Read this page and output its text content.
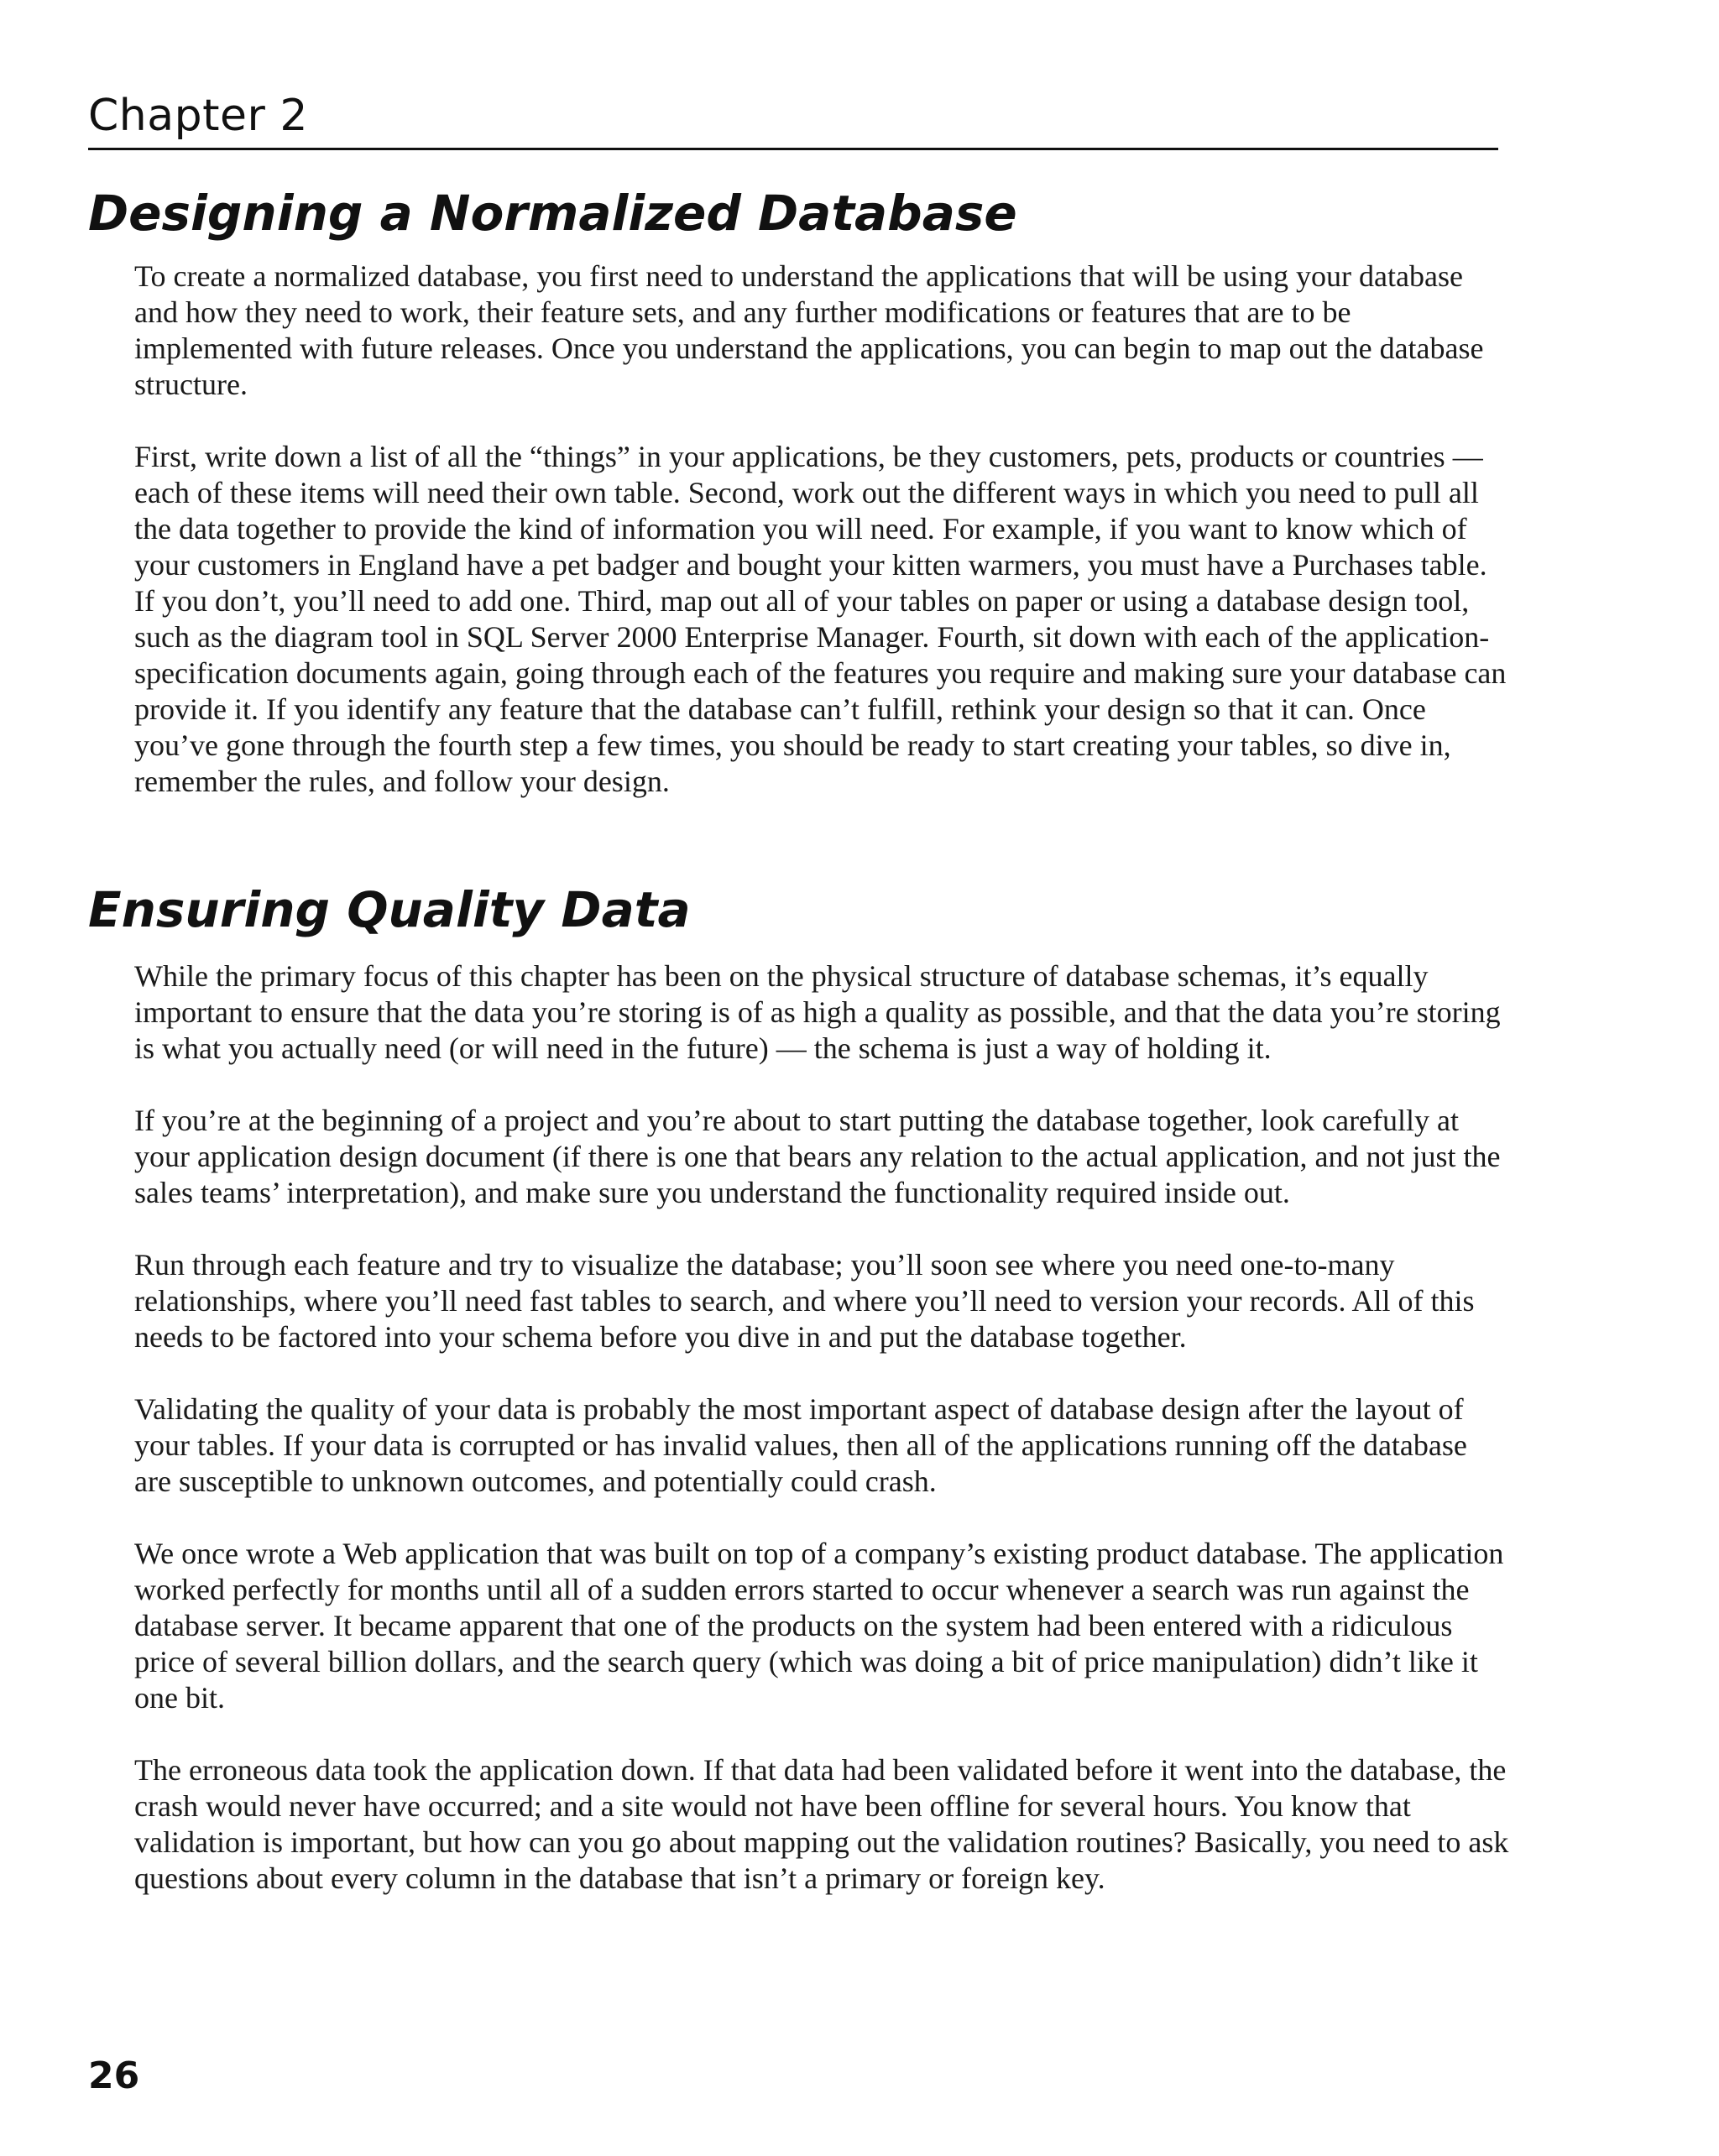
Chapter 2
Designing a Normalized Database

To create a normalized database, you first need to understand the applications that will be using your database and how they need to work, their feature sets, and any further modifications or features that are to be implemented with future releases. Once you understand the applications, you can begin to map out the database structure.

First, write down a list of all the “things” in your applications, be they customers, pets, products or countries — each of these items will need their own table. Second, work out the different ways in which you need to pull all the data together to provide the kind of information you will need. For example, if you want to know which of your customers in England have a pet badger and bought your kitten warmers, you must have a Purchases table. If you don’t, you’ll need to add one. Third, map out all of your tables on paper or using a database design tool, such as the diagram tool in SQL Server 2000 Enterprise Manager. Fourth, sit down with each of the application-specification documents again, going through each of the features you require and making sure your database can provide it. If you identify any feature that the database can’t fulfill, rethink your design so that it can. Once you’ve gone through the fourth step a few times, you should be ready to start creating your tables, so dive in, remember the rules, and follow your design.

Ensuring Quality Data

While the primary focus of this chapter has been on the physical structure of database schemas, it’s equally important to ensure that the data you’re storing is of as high a quality as possible, and that the data you’re storing is what you actually need (or will need in the future) — the schema is just a way of holding it.

If you’re at the beginning of a project and you’re about to start putting the database together, look carefully at your application design document (if there is one that bears any relation to the actual application, and not just the sales teams’ interpretation), and make sure you understand the functionality required inside out.

Run through each feature and try to visualize the database; you’ll soon see where you need one-to-many relationships, where you’ll need fast tables to search, and where you’ll need to version your records. All of this needs to be factored into your schema before you dive in and put the database together.

Validating the quality of your data is probably the most important aspect of database design after the layout of your tables. If your data is corrupted or has invalid values, then all of the applications running off the database are susceptible to unknown outcomes, and potentially could crash.

We once wrote a Web application that was built on top of a company’s existing product database. The application worked perfectly for months until all of a sudden errors started to occur whenever a search was run against the database server. It became apparent that one of the products on the system had been entered with a ridiculous price of several billion dollars, and the search query (which was doing a bit of price manipulation) didn’t like it one bit.

The erroneous data took the application down. If that data had been validated before it went into the database, the crash would never have occurred; and a site would not have been offline for several hours. You know that validation is important, but how can you go about mapping out the validation routines? Basically, you need to ask questions about every column in the database that isn’t a primary or foreign key.

26
